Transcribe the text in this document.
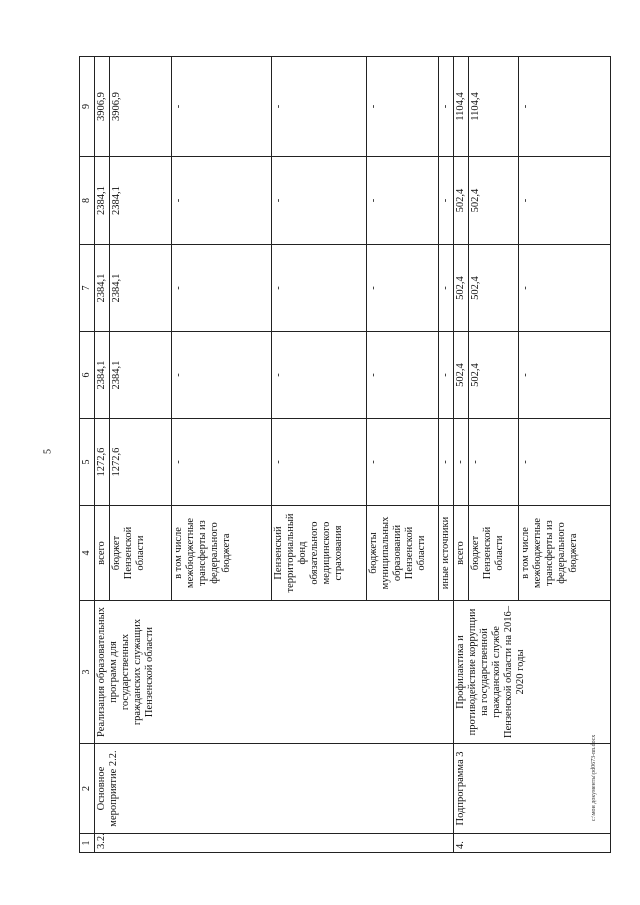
5
c:\мои документы\pd0673-nn.docx
1	2	3	4	5	6	7	8	9
3.2.	Основное мероприятие 2.2.	Реализация образовательных программ для государственных гражданских служащих Пензенской области	всего	1272,6	2384,1	2384,1	2384,1	3906,9
			бюджет Пензенской области	1272,6	2384,1	2384,1	2384,1	3906,9
			в том числе межбюджетные трансферты из федерального бюджета	-	-	-	-	-
			Пензенский территориальный фонд обязательного медицинского страхования	-	-	-	-	-
			бюджеты муниципальных образований Пензенской области	-	-	-	-	-
			иные источники	-	-	-	-	-
4.	Подпрограмма 3	Профилактика и противодействие коррупции на государственной гражданской службе Пензенской области на 2016–2020 годы	всего	-	502,4	502,4	502,4	1104,4
			бюджет Пензенской области	-	502,4	502,4	502,4	1104,4
			в том числе межбюджетные трансферты из федерального бюджета	-	-	-	-	-
